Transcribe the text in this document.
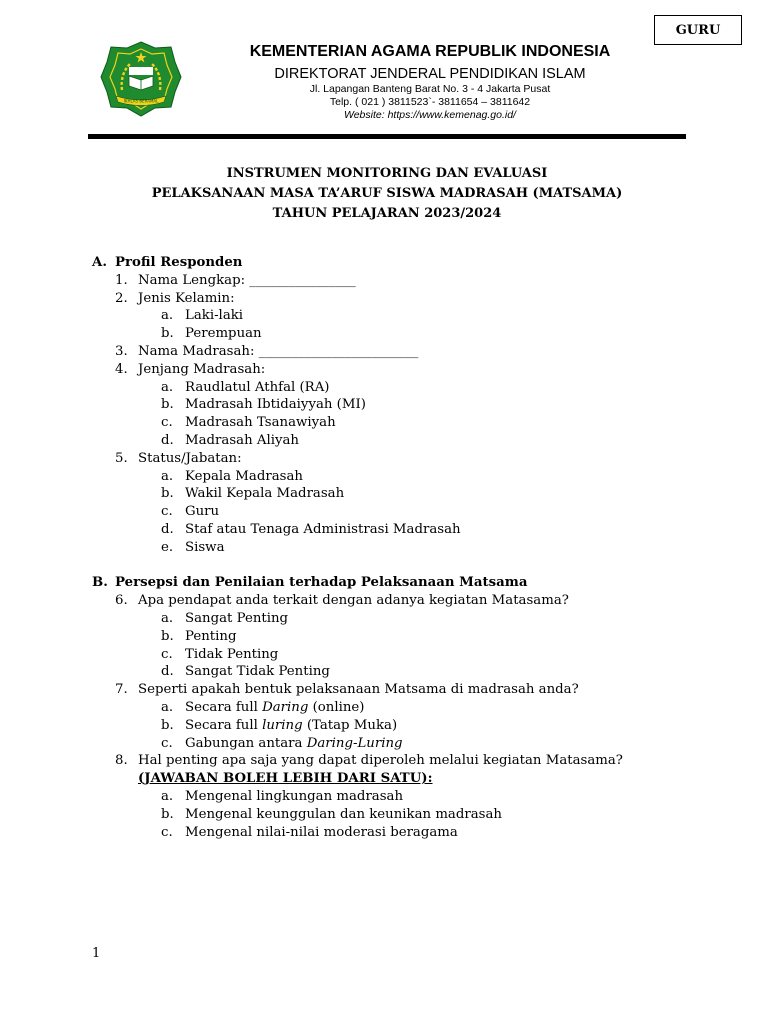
GURU
IKHLAS BERAMAL
KEMENTERIAN AGAMA REPUBLIK INDONESIA
DIREKTORAT JENDERAL PENDIDIKAN ISLAM
Jl. Lapangan Banteng Barat No. 3 - 4 Jakarta Pusat
Telp. ( 021 ) 3811523`- 3811654 – 3811642
Website: https://www.kemenag.go.id/
INSTRUMEN MONITORING DAN EVALUASI
PELAKSANAAN MASA TA’ARUF SISWA MADRASAH (MATSAMA)
TAHUN PELAJARAN 2023/2024
A. Profil Responden
1. Nama Lengkap: ________________
2. Jenis Kelamin:
a. Laki-laki
b. Perempuan
3. Nama Madrasah: ________________________
4. Jenjang Madrasah:
a. Raudlatul Athfal (RA)
b. Madrasah Ibtidaiyyah (MI)
c. Madrasah Tsanawiyah
d. Madrasah Aliyah
5. Status/Jabatan:
a. Kepala Madrasah
b. Wakil Kepala Madrasah
c. Guru
d. Staf atau Tenaga Administrasi Madrasah
e. Siswa
B. Persepsi dan Penilaian terhadap Pelaksanaan Matsama
6. Apa pendapat anda terkait dengan adanya kegiatan Matasama?
a. Sangat Penting
b. Penting
c. Tidak Penting
d. Sangat Tidak Penting
7. Seperti apakah bentuk pelaksanaan Matsama di madrasah anda?
a. Secara full Daring (online)
b. Secara full luring (Tatap Muka)
c. Gabungan antara Daring-Luring
8. Hal penting apa saja yang dapat diperoleh melalui kegiatan Matasama?
(JAWABAN BOLEH LEBIH DARI SATU):
a. Mengenal lingkungan madrasah
b. Mengenal keunggulan dan keunikan madrasah
c. Mengenal nilai-nilai moderasi beragama
1
